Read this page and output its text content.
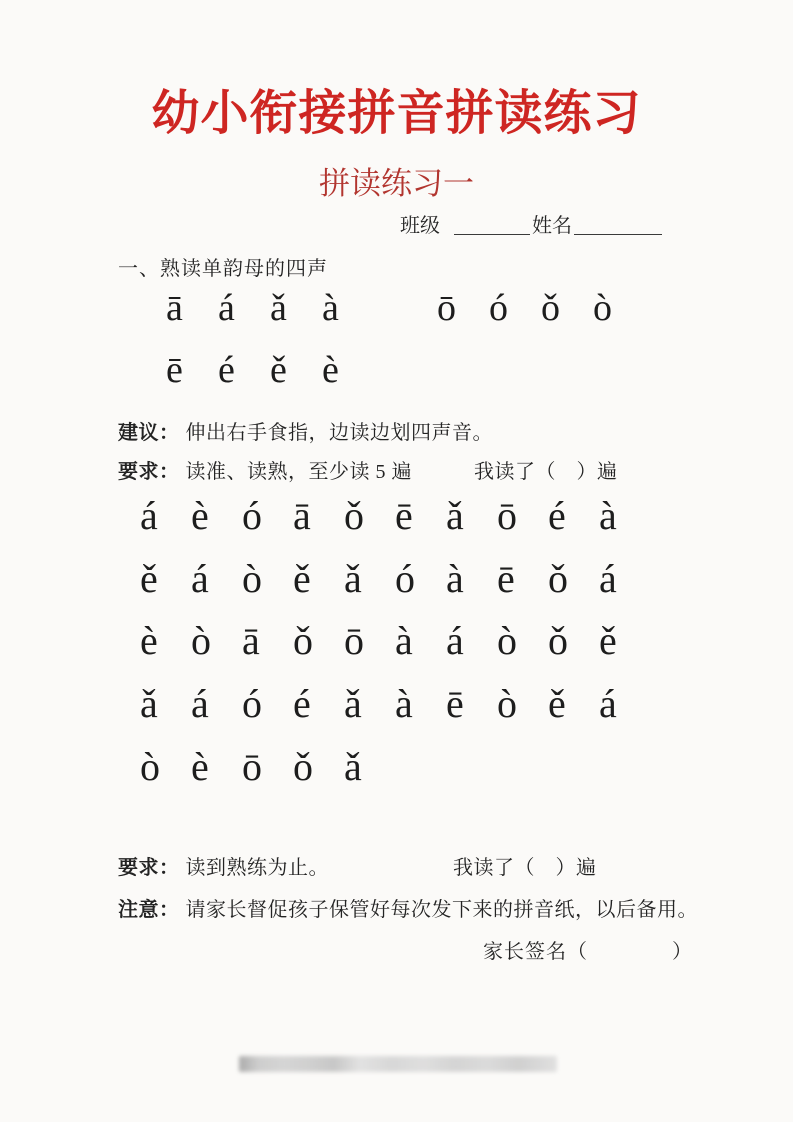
幼小衔接拼音拼读练习
拼读练习一
班级	姓名
一、熟读单韵母的四声
ā á ǎ à	ō ó ǒ ò
ē é ě è

建议： 伸出右手食指，边读边划四声音。

要求： 读准、读熟，至少读 5 遍	我读了（　）遍

á è ó ā ǒ ē ǎ ō é à
ě á ò ě ǎ ó à ē ǒ á
è ò ā ǒ ō à á ò ǒ ě
ǎ á ó é ǎ à ē ò ě á
ò è ō ǒ ǎ

要求： 读到熟练为止。	我读了（　）遍

注意： 请家长督促孩子保管好每次发下来的拼音纸，以后备用。

家长签名（　　　　）
